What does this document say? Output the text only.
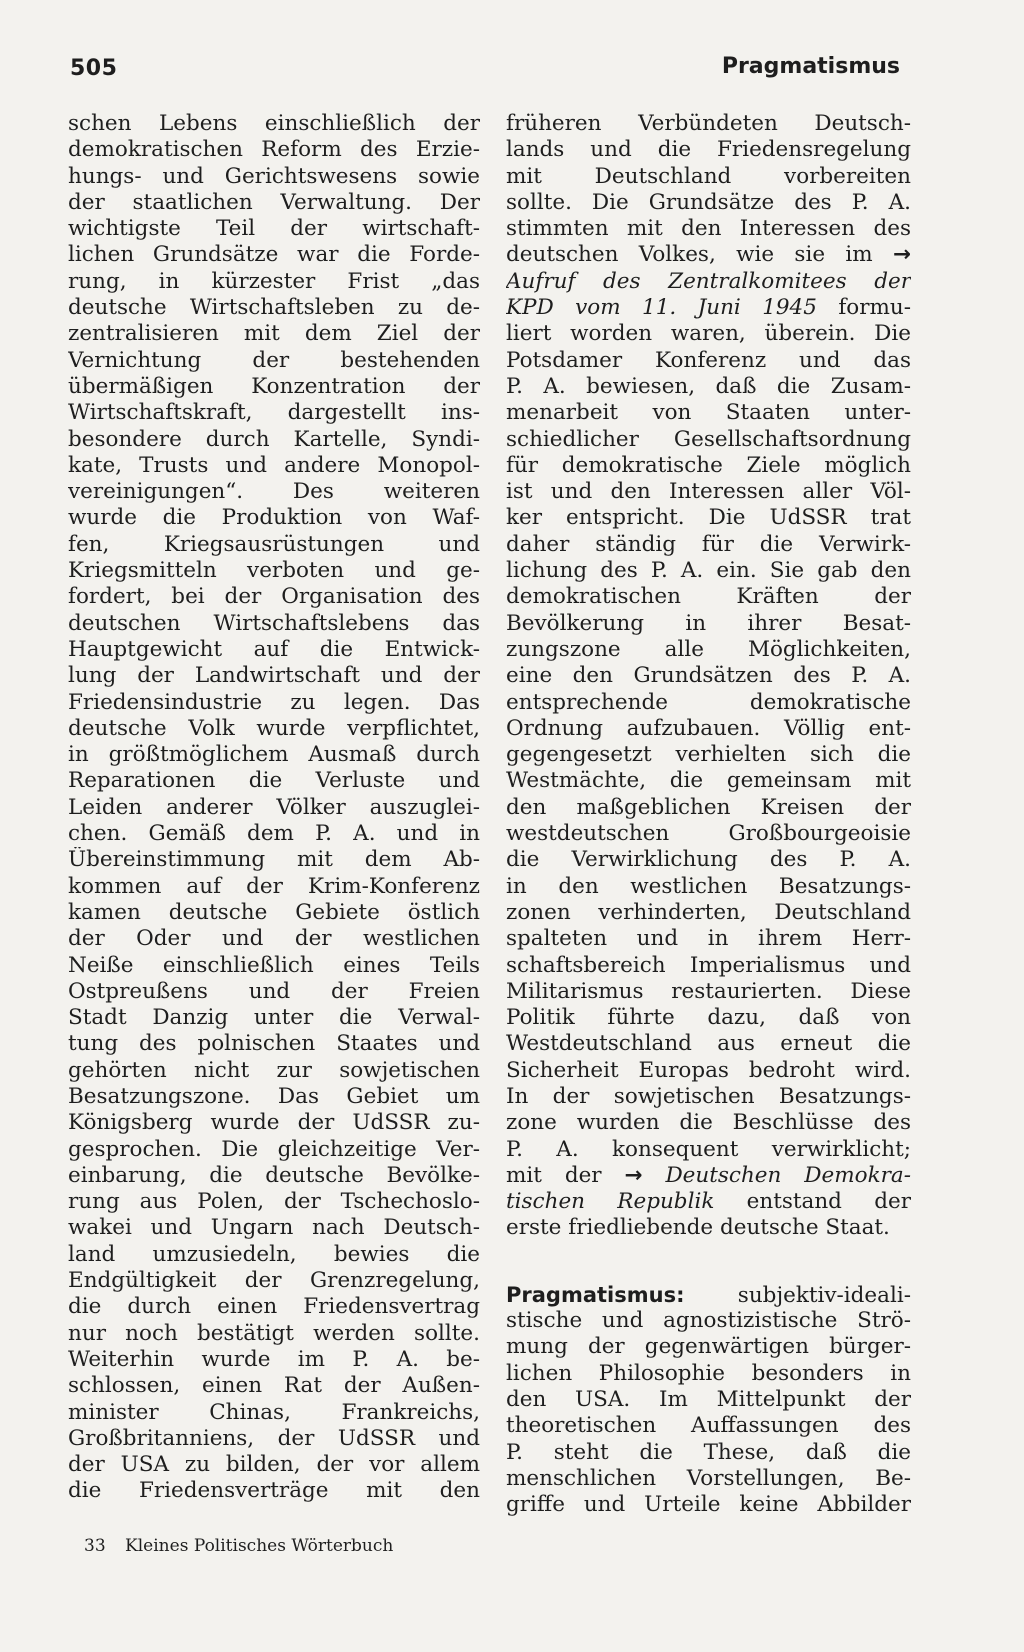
505	Pragmatismus
schen Lebens einschließlich der
demokratischen Reform des Erzie-
hungs- und Gerichtswesens sowie
der staatlichen Verwaltung. Der
wichtigste Teil der wirtschaft-
lichen Grundsätze war die Forde-
rung, in kürzester Frist „das
deutsche Wirtschaftsleben zu de-
zentralisieren mit dem Ziel der
Vernichtung der bestehenden
übermäßigen Konzentration der
Wirtschaftskraft, dargestellt ins-
besondere durch Kartelle, Syndi-
kate, Trusts und andere Monopol-
vereinigungen“. Des weiteren
wurde die Produktion von Waf-
fen, Kriegsausrüstungen und
Kriegsmitteln verboten und ge-
fordert, bei der Organisation des
deutschen Wirtschaftslebens das
Hauptgewicht auf die Entwick-
lung der Landwirtschaft und der
Friedensindustrie zu legen. Das
deutsche Volk wurde verpflichtet,
in größtmöglichem Ausmaß durch
Reparationen die Verluste und
Leiden anderer Völker auszuglei-
chen. Gemäß dem P. A. und in
Übereinstimmung mit dem Ab-
kommen auf der Krim-Konferenz
kamen deutsche Gebiete östlich
der Oder und der westlichen
Neiße einschließlich eines Teils
Ostpreußens und der Freien
Stadt Danzig unter die Verwal-
tung des polnischen Staates und
gehörten nicht zur sowjetischen
Besatzungszone. Das Gebiet um
Königsberg wurde der UdSSR zu-
gesprochen. Die gleichzeitige Ver-
einbarung, die deutsche Bevölke-
rung aus Polen, der Tschechoslo-
wakei und Ungarn nach Deutsch-
land umzusiedeln, bewies die
Endgültigkeit der Grenzregelung,
die durch einen Friedensvertrag
nur noch bestätigt werden sollte.
Weiterhin wurde im P. A. be-
schlossen, einen Rat der Außen-
minister Chinas, Frankreichs,
Großbritanniens, der UdSSR und
der USA zu bilden, der vor allem
die Friedensverträge mit den
früheren Verbündeten Deutsch-
lands und die Friedensregelung
mit Deutschland vorbereiten
sollte. Die Grundsätze des P. A.
stimmten mit den Interessen des
deutschen Volkes, wie sie im →
Aufruf des Zentralkomitees der
KPD vom 11. Juni 1945 formu-
liert worden waren, überein. Die
Potsdamer Konferenz und das
P. A. bewiesen, daß die Zusam-
menarbeit von Staaten unter-
schiedlicher Gesellschaftsordnung
für demokratische Ziele möglich
ist und den Interessen aller Völ-
ker entspricht. Die UdSSR trat
daher ständig für die Verwirk-
lichung des P. A. ein. Sie gab den
demokratischen Kräften der
Bevölkerung in ihrer Besat-
zungszone alle Möglichkeiten,
eine den Grundsätzen des P. A.
entsprechende demokratische
Ordnung aufzubauen. Völlig ent-
gegengesetzt verhielten sich die
Westmächte, die gemeinsam mit
den maßgeblichen Kreisen der
westdeutschen Großbourgeoisie
die Verwirklichung des P. A.
in den westlichen Besatzungs-
zonen verhinderten, Deutschland
spalteten und in ihrem Herr-
schaftsbereich Imperialismus und
Militarismus restaurierten. Diese
Politik führte dazu, daß von
Westdeutschland aus erneut die
Sicherheit Europas bedroht wird.
In der sowjetischen Besatzungs-
zone wurden die Beschlüsse des
P. A. konsequent verwirklicht;
mit der → Deutschen Demokra-
tischen Republik entstand der
erste friedliebende deutsche Staat.
Pragmatismus: subjektiv-ideali-
stische und agnostizistische Strö-
mung der gegenwärtigen bürger-
lichen Philosophie besonders in
den USA. Im Mittelpunkt der
theoretischen Auffassungen des
P. steht die These, daß die
menschlichen Vorstellungen, Be-
griffe und Urteile keine Abbilder
33 Kleines Politisches Wörterbuch
